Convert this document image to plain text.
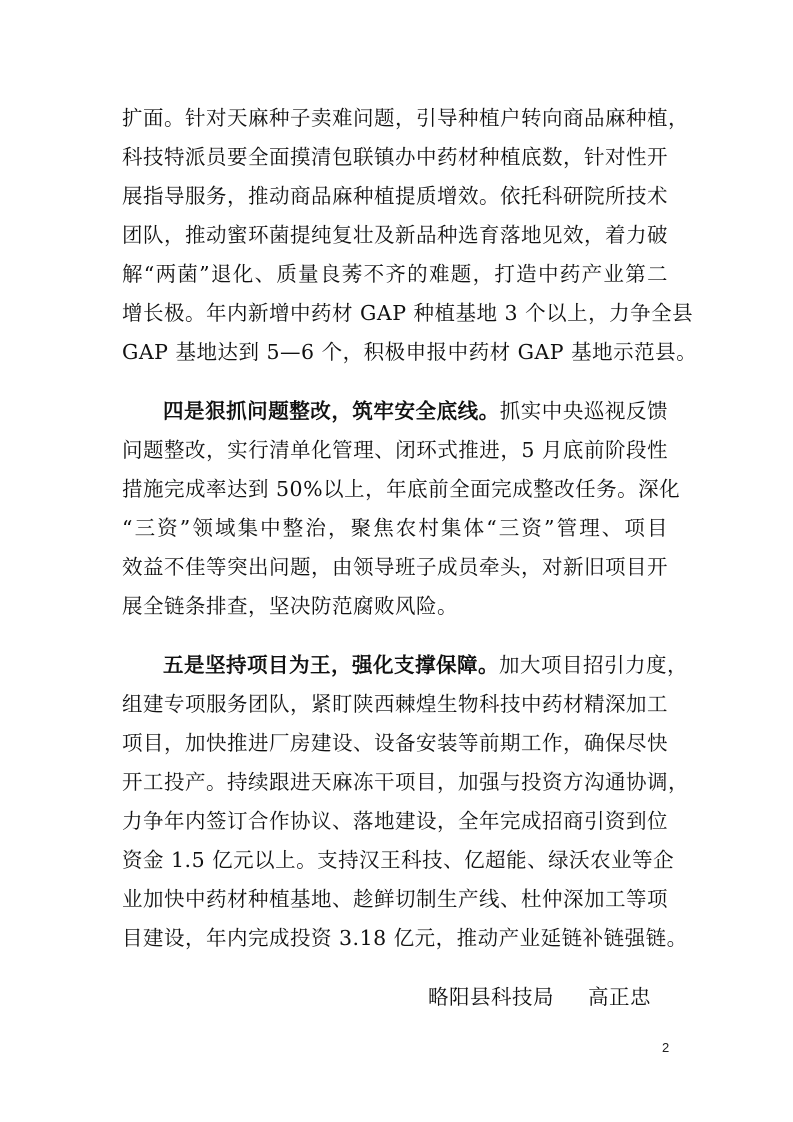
扩面。针对天麻种子卖难问题，引导种植户转向商品麻种植，
科技特派员要全面摸清包联镇办中药材种植底数，针对性开
展指导服务，推动商品麻种植提质增效。依托科研院所技术
团队，推动蜜环菌提纯复壮及新品种选育落地见效，着力破
解“两菌”退化、质量良莠不齐的难题，打造中药产业第二
增长极。年内新增中药材 GAP 种植基地 3 个以上，力争全县
GAP 基地达到 5—6 个，积极申报中药材 GAP 基地示范县。
四是狠抓问题整改，筑牢安全底线。抓实中央巡视反馈
问题整改，实行清单化管理、闭环式推进，5 月底前阶段性
措施完成率达到 50%以上，年底前全面完成整改任务。深化
“三资”领域集中整治，聚焦农村集体“三资”管理、项目
效益不佳等突出问题，由领导班子成员牵头，对新旧项目开
展全链条排查，坚决防范腐败风险。
五是坚持项目为王，强化支撑保障。加大项目招引力度，
组建专项服务团队，紧盯陕西棘煌生物科技中药材精深加工
项目，加快推进厂房建设、设备安装等前期工作，确保尽快
开工投产。持续跟进天麻冻干项目，加强与投资方沟通协调，
力争年内签订合作协议、落地建设，全年完成招商引资到位
资金 1.5 亿元以上。支持汉王科技、亿超能、绿沃农业等企
业加快中药材种植基地、趁鲜切制生产线、杜仲深加工等项
目建设，年内完成投资 3.18 亿元，推动产业延链补链强链。
略阳县科技局 高正忠
2
